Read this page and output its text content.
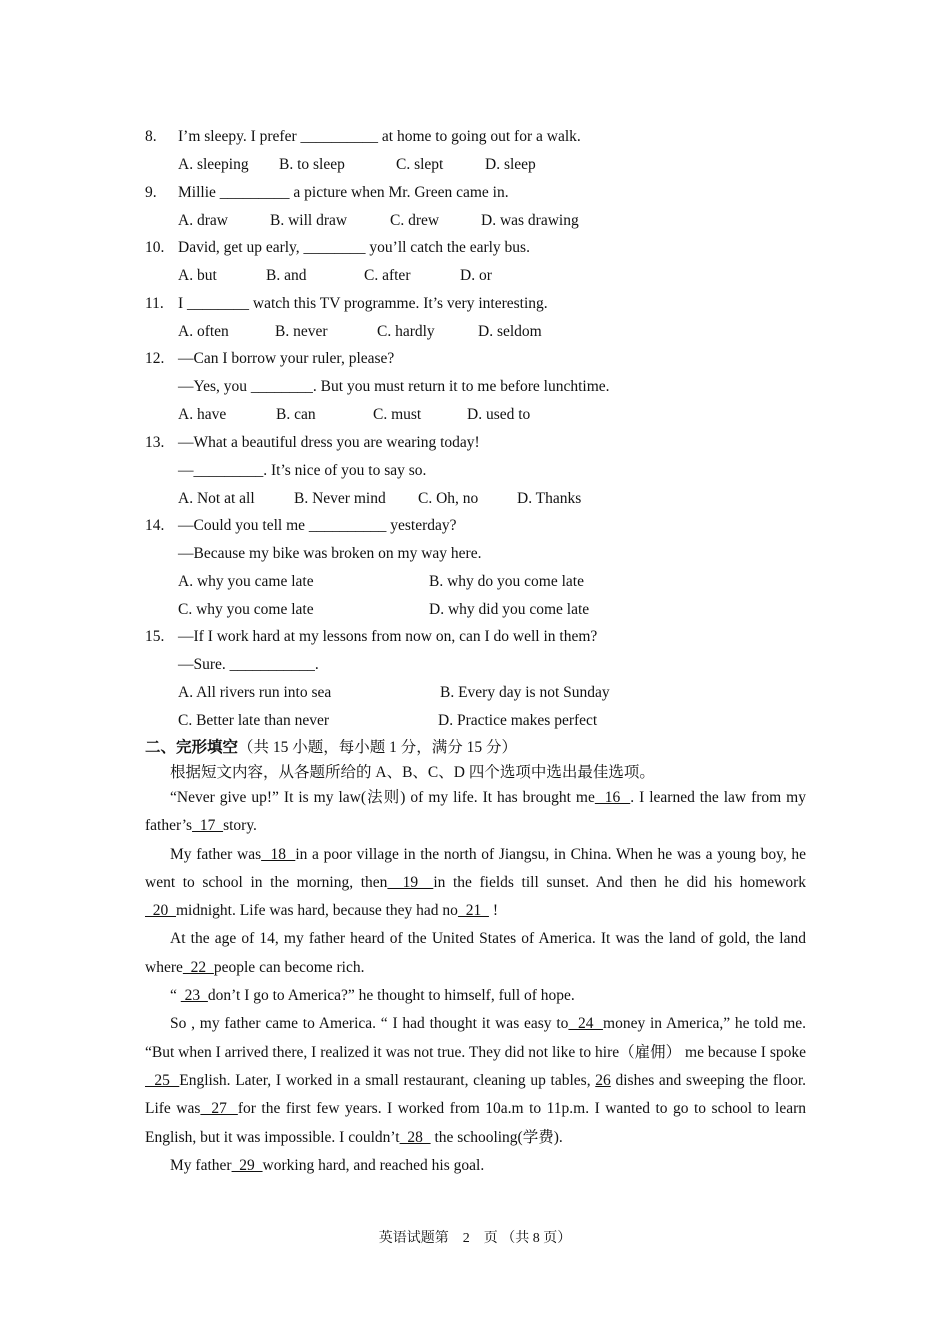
8. I’m sleepy. I prefer __________ at home to going out for a walk.
A. sleeping B. to sleep	C. slept	D. sleep
9. Millie _________ a picture when Mr. Green came in.
A. draw	B. will draw	C. drew	D. was drawing
10. David, get up early, ________ you’ll catch the early bus.
A. but	B. and	C. after	D. or
11. I ________ watch this TV programme. It’s very interesting.
A. often	B. never	C. hardly	D. seldom
12. —Can I borrow your ruler, please?
—Yes, you ________. But you must return it to me before lunchtime.
A. have	B. can	C. must	D. used to
13. —What a beautiful dress you are wearing today!
—_________. It’s nice of you to say so.
A. Not at all	B. Never mind C. Oh, no D. Thanks
14. —Could you tell me __________ yesterday?
—Because my bike was broken on my way here.
A. why you came late	B. why do you come late
C. why you come late	D. why did you come late
15. —If I work hard at my lessons from now on, can I do well in them?
—Sure. ___________.
A. All rivers run into sea	B. Every day is not Sunday
C. Better late than never	D. Practice makes perfect
二、完形填空（共 15 小题，每小题 1 分，满分 15 分）
根据短文内容，从各题所给的 A、B、C、D 四个选项中选出最佳选项。

“Never give up!” It is my law(法则) of my life. It has brought me  16  . I learned the law from my father’s  17  story.

My father was  18  in a poor village in the north of Jiangsu, in China. When he was a young boy, he went to school in the morning, then  19  in the fields till sunset. And then he did his homework  20  midnight. Life was hard, because they had no  21   !

At the age of 14, my father heard of the United States of America. It was the land of gold, the land where  22  people can become rich.

“  23  don’t I go to America?” he thought to himself, full of hope.

So , my father came to America. “ I had thought it was easy to  24  money in America,” he told me. “But when I arrived there, I realized it was not true. They did not like to hire（雇佣） me because I spoke  25  English. Later, I worked in a small restaurant, cleaning up tables, 26 dishes and sweeping the floor. Life was  27  for the first few years. I worked from 10a.m to 11p.m. I wanted to go to school to learn English, but it was impossible. I couldn’t  28   the schooling(学费).

My father  29  working hard, and reached his goal.

英语试题第　2　页 （共 8 页）
